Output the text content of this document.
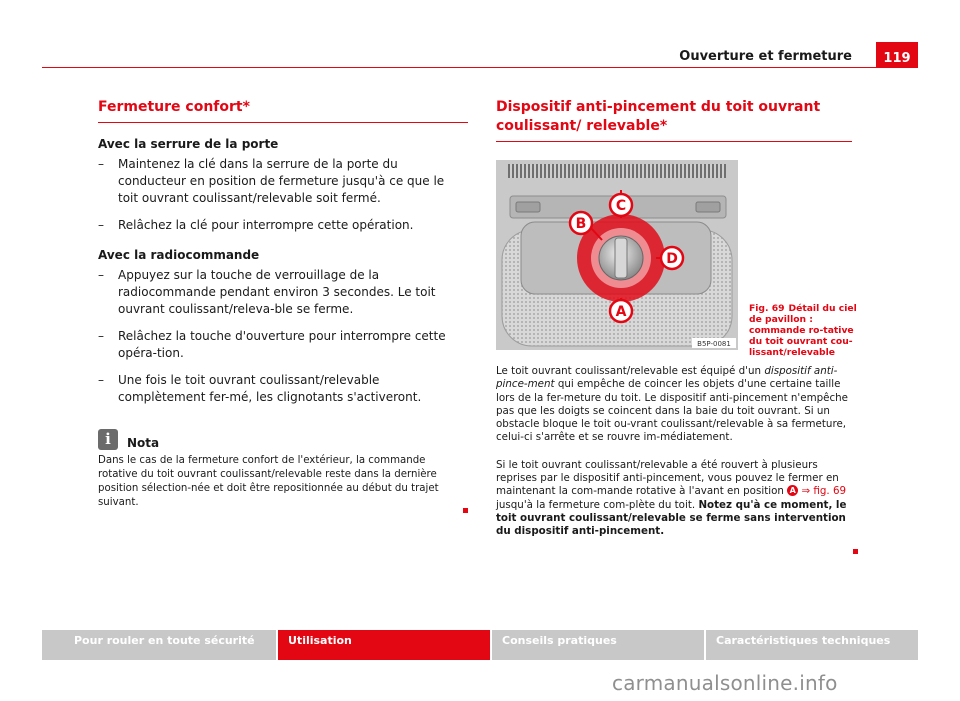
Ouverture et fermeture	119
Fermeture confort*
Avec la serrure de la porte
– Maintenez la clé dans la serrure de la porte du conducteur en position de fermeture jusqu'à ce que le toit ouvrant coulissant/relevable soit fermé.
– Relâchez la clé pour interrompre cette opération.
Avec la radiocommande
– Appuyez sur la touche de verrouillage de la radiocommande pendant environ 3 secondes. Le toit ouvrant coulissant/releva-ble se ferme.
– Relâchez la touche d'ouverture pour interrompre cette opéra-tion.
– Une fois le toit ouvrant coulissant/relevable complètement fer-mé, les clignotants s'activeront.
i	Nota
Dans le cas de la fermeture confort de l'extérieur, la commande rotative du toit ouvrant coulissant/relevable reste dans la dernière position sélection-née et doit être repositionnée au début du trajet suivant.
Dispositif anti-pincement du toit ouvrant coulissant/ relevable*
C
B
D
A
B5P-0081
Fig. 69 Détail du ciel de pavillon : commande ro-tative du toit ouvrant cou-lissant/relevable

Le toit ouvrant coulissant/relevable est équipé d'un dispositif anti-pince-ment qui empêche de coincer les objets d'une certaine taille lors de la fer-meture du toit. Le dispositif anti-pincement n'empêche pas que les doigts se coincent dans la baie du toit ouvrant. Si un obstacle bloque le toit ou-vrant coulissant/relevable à sa fermeture, celui-ci s'arrête et se rouvre im-médiatement.

Si le toit ouvrant coulissant/relevable a été rouvert à plusieurs reprises par le dispositif anti-pincement, vous pouvez le fermer en maintenant la com-mande rotative à l'avant en position A ⇒ fig. 69 jusqu'à la fermeture com-plète du toit. Notez qu'à ce moment, le toit ouvrant coulissant/relevable se ferme sans intervention du dispositif anti-pincement.

Pour rouler en toute sécurité	Utilisation	Conseils pratiques	Caractéristiques techniques
carmanualsonline.info
